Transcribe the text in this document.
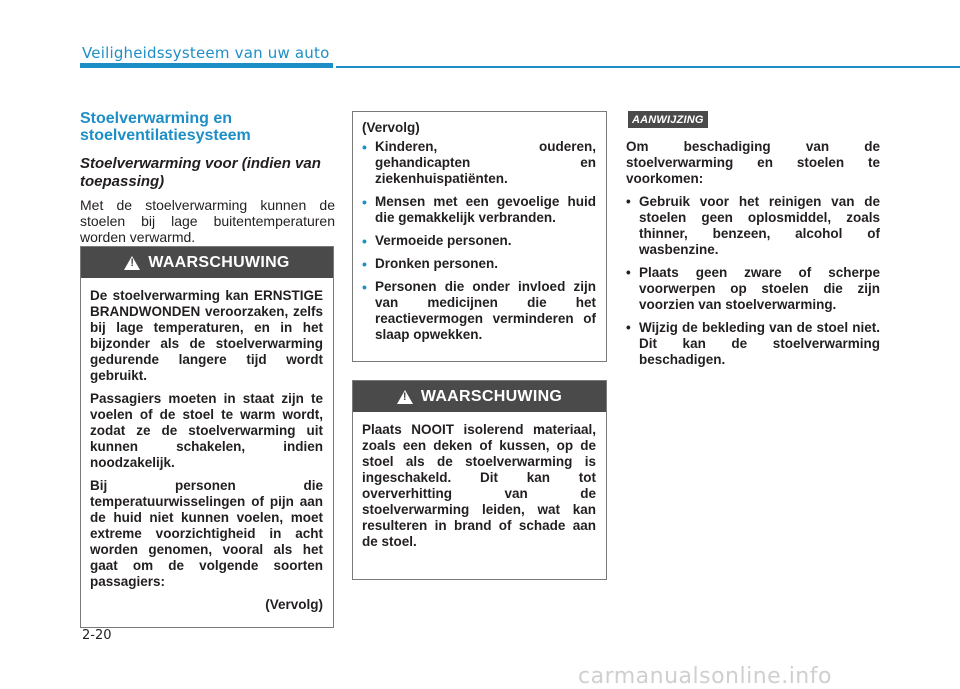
Veiligheidssysteem van uw auto

Stoelverwarming en stoelventilatiesysteem

Stoelverwarming voor (indien van toepassing)

Met de stoelverwarming kunnen de stoelen bij lage buitentemperaturen worden verwarmd.

! WAARSCHUWING

De stoelverwarming kan ERNSTIGE BRANDWONDEN veroorzaken, zelfs bij lage temperaturen, en in het bijzonder als de stoelverwarming gedurende langere tijd wordt gebruikt.

Passagiers moeten in staat zijn te voelen of de stoel te warm wordt, zodat ze de stoelverwarming uit kunnen schakelen, indien noodzakelijk.

Bij personen die temperatuurwisselingen of pijn aan de huid niet kunnen voelen, moet extreme voorzichtigheid in acht worden genomen, vooral als het gaat om de volgende soorten passagiers:

(Vervolg)

(Vervolg)

• Kinderen, ouderen, gehandicapten en ziekenhuispatiënten.
• Mensen met een gevoelige huid die gemakkelijk verbranden.
• Vermoeide personen.
• Dronken personen.
• Personen die onder invloed zijn van medicijnen die het reactievermogen verminderen of slaap opwekken.
! WAARSCHUWING

Plaats NOOIT isolerend materiaal, zoals een deken of kussen, op de stoel als de stoelverwarming is ingeschakeld. Dit kan tot oververhitting van de stoelverwarming leiden, wat kan resulteren in brand of schade aan de stoel.

AANWIJZING

Om beschadiging van de stoelverwarming en stoelen te voorkomen:

• Gebruik voor het reinigen van de stoelen geen oplosmiddel, zoals thinner, benzeen, alcohol of wasbenzine.
• Plaats geen zware of scherpe voorwerpen op stoelen die zijn voorzien van stoelverwarming.
• Wijzig de bekleding van de stoel niet. Dit kan de stoelverwarming beschadigen.
2-20
carmanualsonline.info
